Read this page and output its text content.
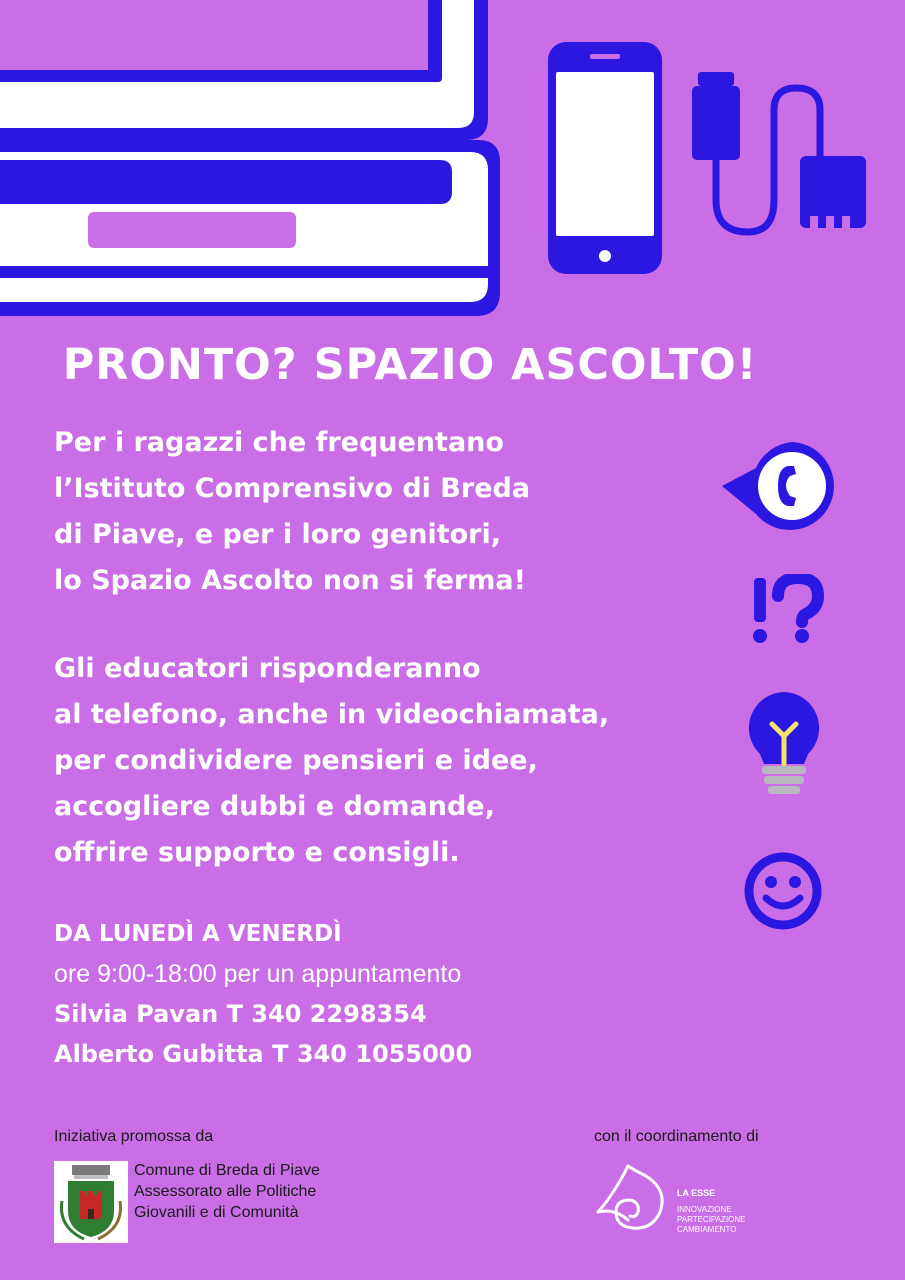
PRONTO? SPAZIO ASCOLTO!

Per i ragazzi che frequentano
l’Istituto Comprensivo di Breda
di Piave, e per i loro genitori,
lo Spazio Ascolto non si ferma!

Gli educatori risponderanno
al telefono, anche in videochiamata,
per condividere pensieri e idee,
accogliere dubbi e domande,
offrire supporto e consigli.

DA LUNEDÌ A VENERDÌ
ore 9:00-18:00 per un appuntamento
Silvia Pavan T 340 2298354
Alberto Gubitta T 340 1055000
Iniziativa promossa da	con il coordinamento di
Comune di Breda di Piave
Assessorato alle Politiche
Giovanili e di Comunità
LA ESSE
INNOVAZIONE
PARTECIPAZIONE
CAMBIAMENTO
